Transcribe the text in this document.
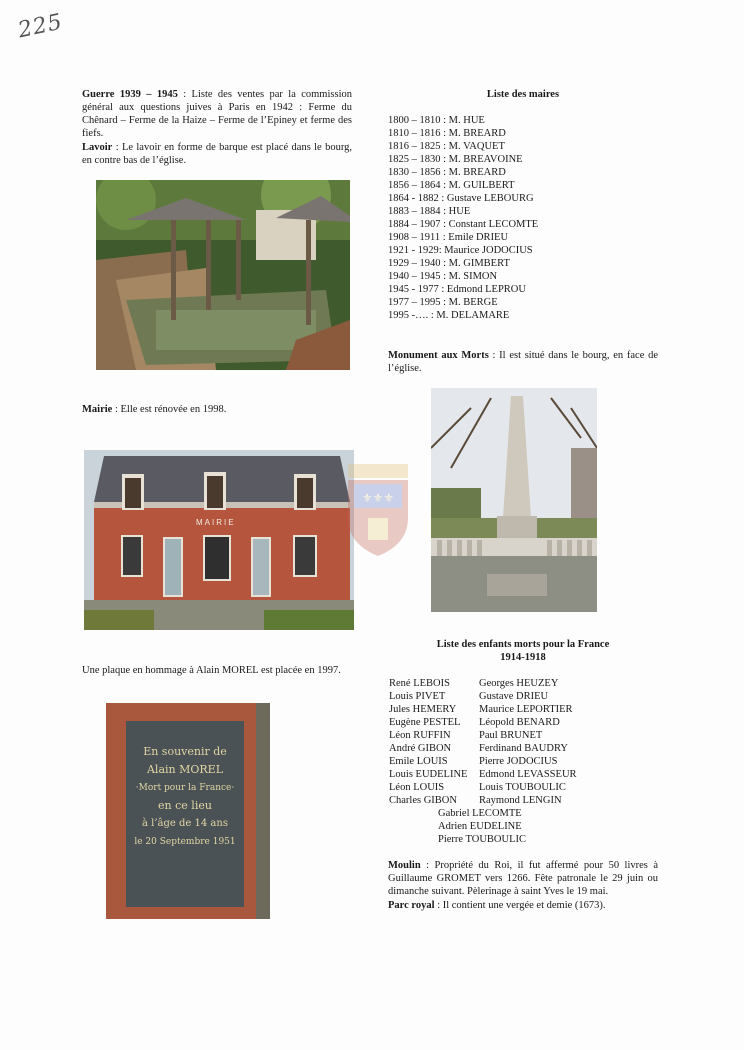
225
Guerre 1939 – 1945 : Liste des ventes par la commission général aux questions juives à Paris en 1942 : Ferme du Chênard – Ferme de la Haize – Ferme de l’Epiney et ferme des fiefs.
Lavoir : Le lavoir en forme de barque est placé dans le bourg, en contre bas de l’église.
Mairie : Elle est rénovée en 1998.
MAIRIE
⚜⚜⚜
Une plaque en hommage à Alain MOREL est placée en 1997.
En souvenir de
Alain MOREL
·Mort pour la France·
en ce lieu
à l’âge de 14 ans
le 20 Septembre 1951
Liste des maires
1800 – 1810 : M. HUE
1810 – 1816 : M. BREARD
1816 – 1825 : M. VAQUET
1825 – 1830 : M. BREAVOINE
1830 – 1856 : M. BREARD
1856 – 1864 : M. GUILBERT
1864 - 1882 : Gustave LEBOURG
1883 – 1884 : HUE
1884 – 1907 : Constant LECOMTE
1908 – 1911 : Emile DRIEU
1921 - 1929: Maurice JODOCIUS
1929 – 1940 : M. GIMBERT
1940 – 1945 : M. SIMON
1945 - 1977 : Edmond LEPROU
1977 – 1995 : M. BERGE
1995 -…. : M. DELAMARE
Monument aux Morts : Il est situé dans le bourg, en face de l’église.
Liste des enfants morts pour la France
1914-1918
René LEBOIS
Louis PIVET
Jules HEMERY
Eugène PESTEL
Léon RUFFIN
André GIBON
Emile LOUIS
Louis EUDELINE
Léon LOUIS
Charles GIBON
Georges HEUZEY
Gustave DRIEU
Maurice LEPORTIER
Léopold BENARD
Paul BRUNET
Ferdinand BAUDRY
Pierre JODOCIUS
Edmond LEVASSEUR
Louis TOUBOULIC
Raymond LENGIN
Gabriel LECOMTE
Adrien EUDELINE
Pierre TOUBOULIC
Moulin : Propriété du Roi, il fut affermé pour 50 livres à Guillaume GROMET vers 1266. Fête patronale le 29 juin ou dimanche suivant. Pèlerinage à saint Yves le 19 mai.
Parc royal : Il contient une vergée et demie (1673).
